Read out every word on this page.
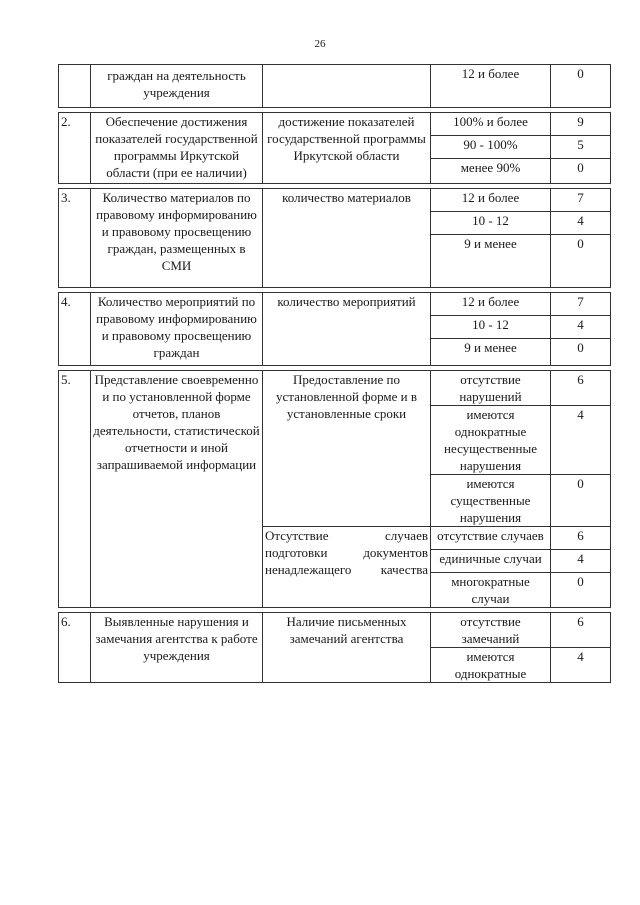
26
	граждан на деятельность учреждения		12 и более	0

2.	Обеспечение достижения показателей государственной программы Иркутской области (при ее наличии)	достижение показателей государственной программы Иркутской области	100% и более	9
			90 - 100%	5
			менее 90%	0

3.	Количество материалов по правовому информированию и правовому просвещению граждан, размещенных в СМИ	количество материалов	12 и более	7
			10 - 12	4
			9 и менее	0

4.	Количество мероприятий по правовому информированию и правовому просвещению граждан	количество мероприятий	12 и более	7
			10 - 12	4
			9 и менее	0

5.	Представление своевременно и по установленной форме отчетов, планов деятельности, статистической отчетности и иной запрашиваемой информации	Предоставление по установленной форме и в установленные сроки	отсутствие нарушений	6
			имеются однократные несущественные нарушения	4
			имеются существенные нарушения	0
		Отсутствие случаев подготовки документов ненадлежащего качества	отсутствие случаев	6
			единичные случаи	4
			многократные случаи	0

6.	Выявленные нарушения и замечания агентства к работе учреждения	Наличие письменных замечаний агентства	отсутствие замечаний	6
			имеются однократные	4
